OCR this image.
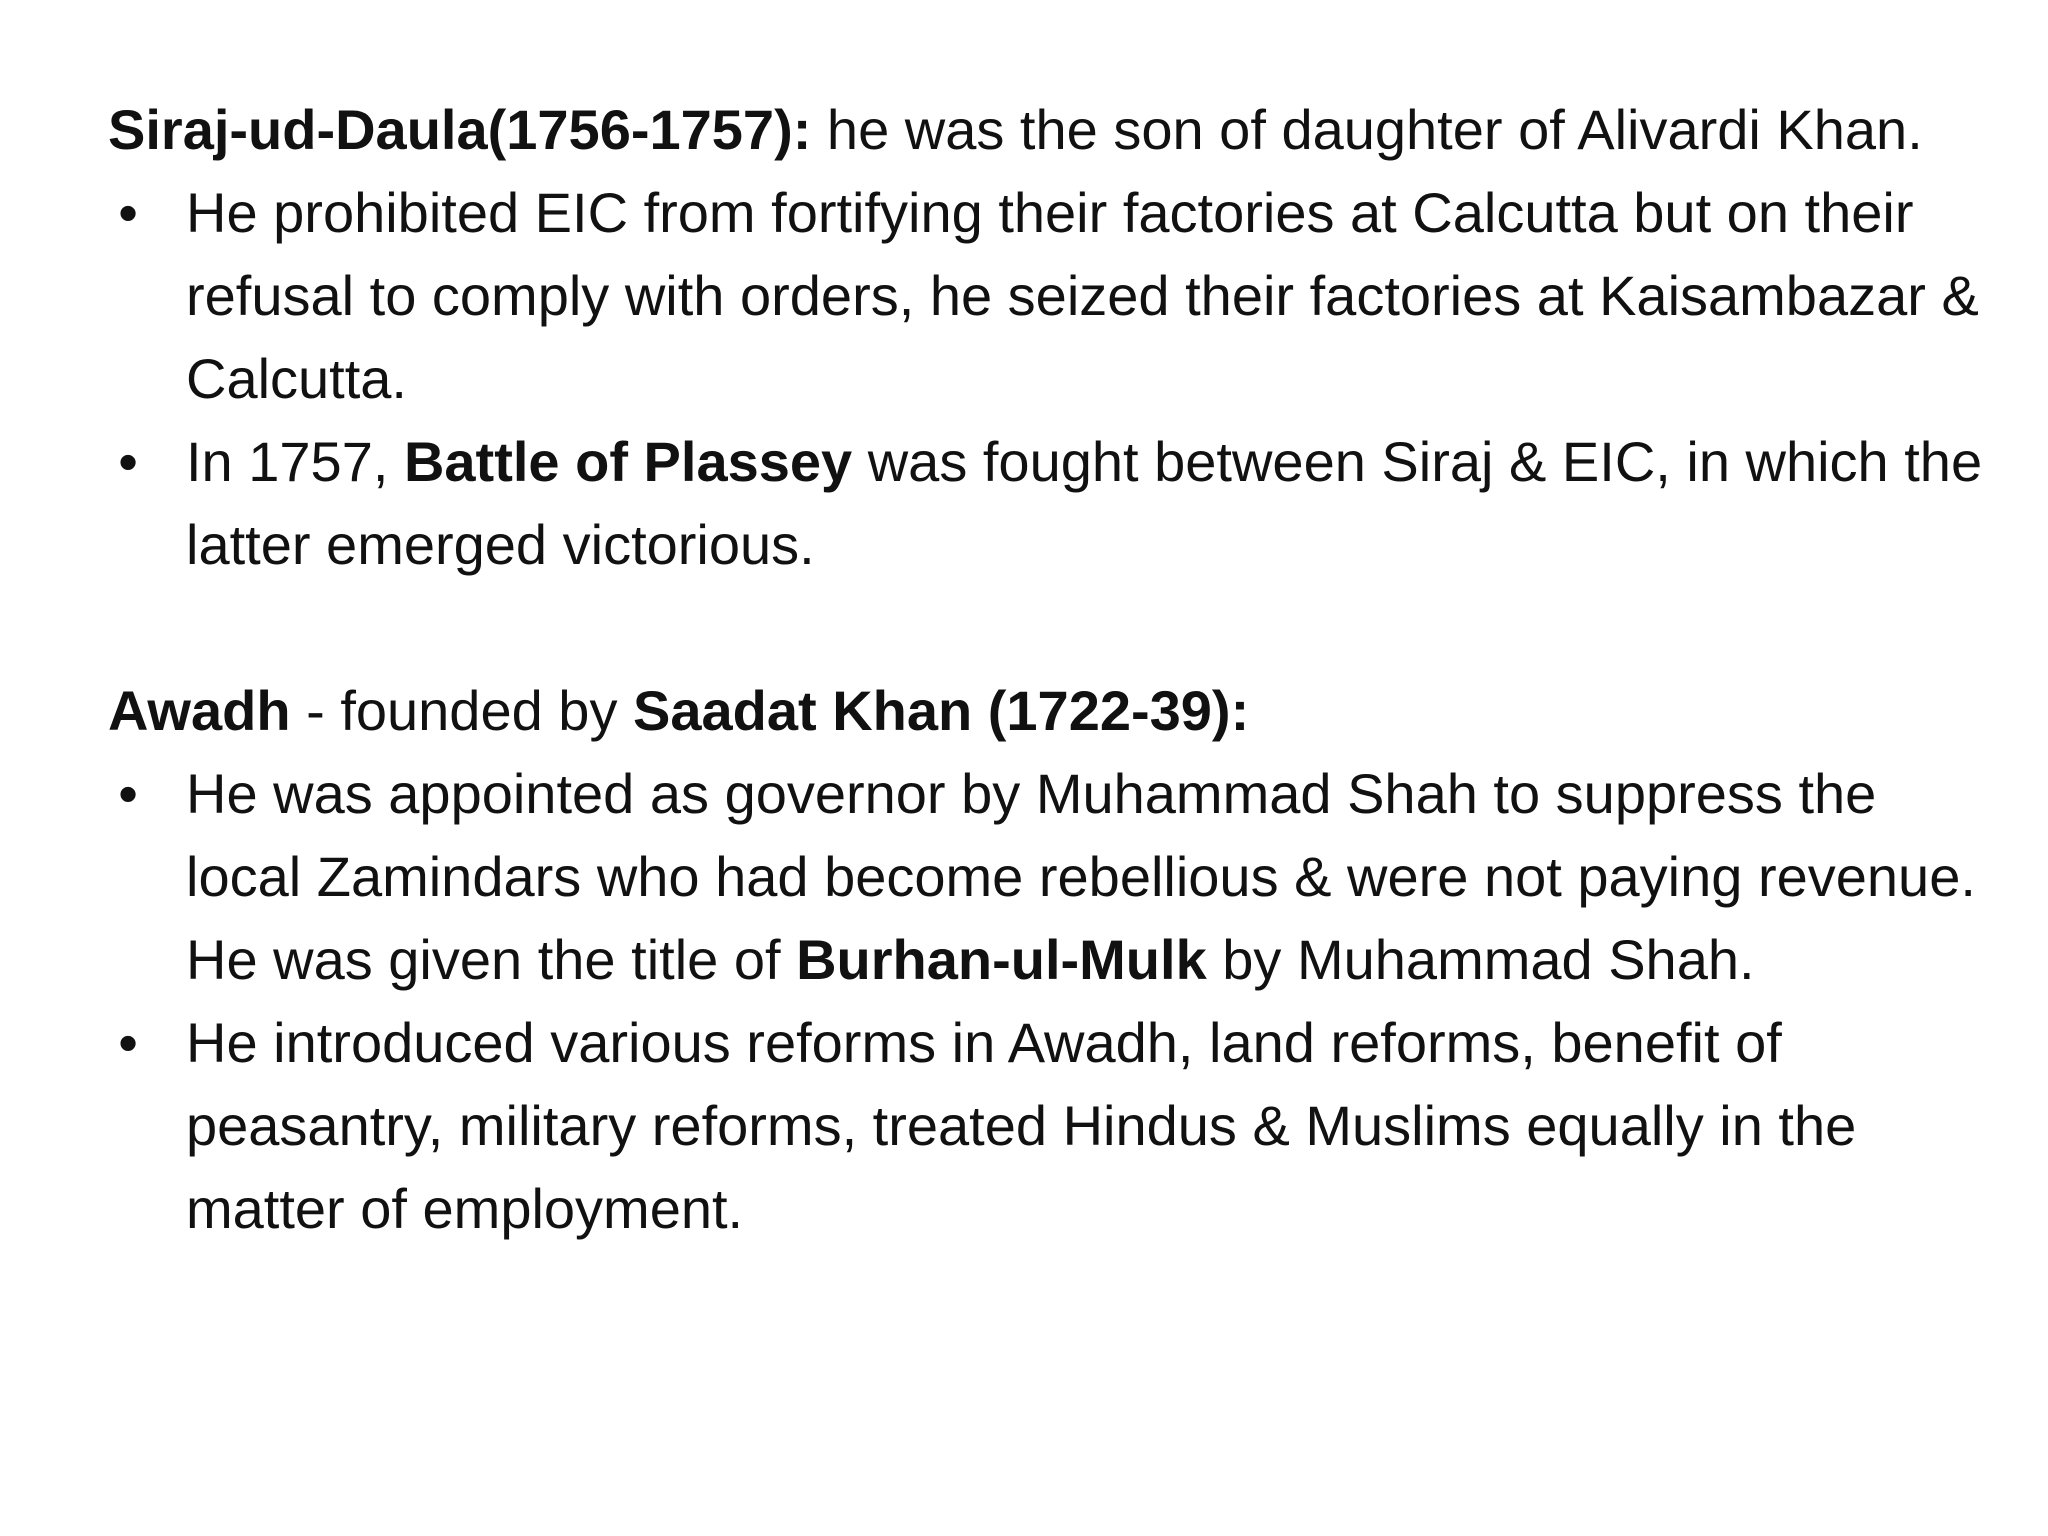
Siraj-ud-Daula(1756-1757): he was the son of daughter of Alivardi Khan.

• He prohibited EIC from fortifying their factories at Calcutta but on their refusal to comply with orders, he seized their factories at Kaisambazar & Calcutta.
• In 1757, Battle of Plassey was fought between Siraj & EIC, in which the latter emerged victorious.

Awadh - founded by Saadat Khan (1722-39):

• He was appointed as governor by Muhammad Shah to suppress the local Zamindars who had become rebellious & were not paying revenue. He was given the title of Burhan-ul-Mulk by Muhammad Shah.
• He introduced various reforms in Awadh, land reforms, benefit of peasantry, military reforms, treated Hindus & Muslims equally in the matter of employment.
